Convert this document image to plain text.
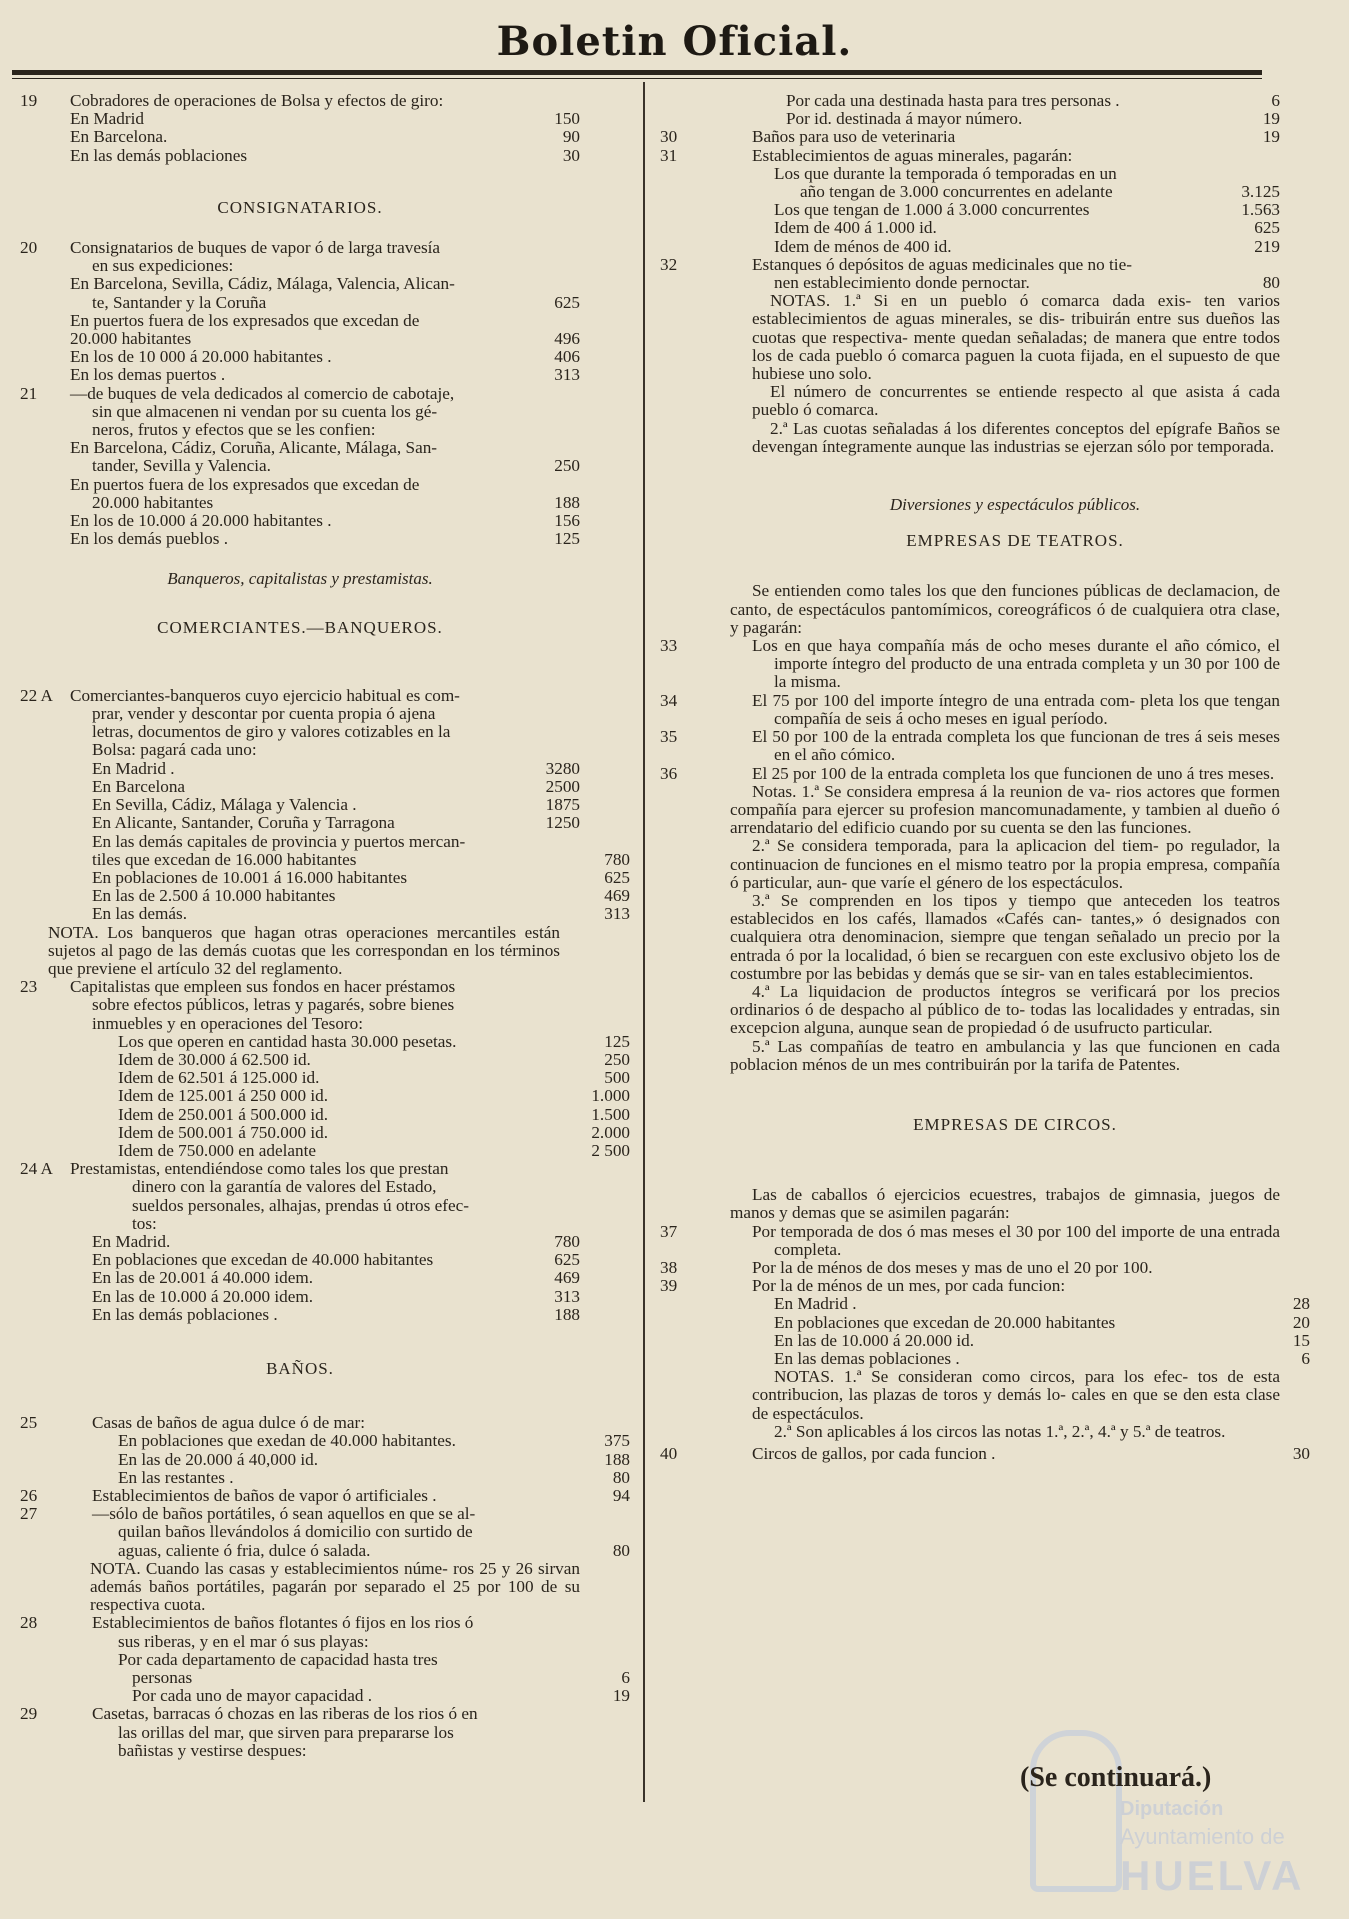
Boletin Oficial.
19	Cobradores de operaciones de Bolsa y efectos de giro:
En Madrid	150
En Barcelona.	90
En las demás poblaciones	30
CONSIGNATARIOS.
20	Consignatarios de buques de vapor ó de larga travesía
en sus expediciones:
En Barcelona, Sevilla, Cádiz, Málaga, Valencia, Alican-
te, Santander y la Coruña	625
En puertos fuera de los expresados que excedan de
20.000 habitantes	496
En los de 10 000 á 20.000 habitantes .	406
En los demas puertos .	313
21	—de buques de vela dedicados al comercio de cabotaje,
sin que almacenen ni vendan por su cuenta los gé-
neros, frutos y efectos que se les confien:
En Barcelona, Cádiz, Coruña, Alicante, Málaga, San-
tander, Sevilla y Valencia.	250
En puertos fuera de los expresados que excedan de
20.000 habitantes	188
En los de 10.000 á 20.000 habitantes .	156
En los demás pueblos .	125
Banqueros, capitalistas y prestamistas.
COMERCIANTES.—BANQUEROS.
22 A Comerciantes-banqueros cuyo ejercicio habitual es com-
prar, vender y descontar por cuenta propia ó ajena
letras, documentos de giro y valores cotizables en la
Bolsa: pagará cada uno:
En Madrid .	3280
En Barcelona	2500
En Sevilla, Cádiz, Málaga y Valencia .	1875
En Alicante, Santander, Coruña y Tarragona	1250
En las demás capitales de provincia y puertos mercan-
tiles que excedan de 16.000 habitantes	780
En poblaciones de 10.001 á 16.000 habitantes	625
En las de 2.500 á 10.000 habitantes	469
En las demás.	313
NOTA. Los banqueros que hagan otras operaciones mercantiles están sujetos al pago de las demás cuotas que les correspondan en los términos que previene el artículo 32 del reglamento.
23	Capitalistas que empleen sus fondos en hacer préstamos
sobre efectos públicos, letras y pagarés, sobre bienes
inmuebles y en operaciones del Tesoro:
Los que operen en cantidad hasta 30.000 pesetas.	125
Idem de 30.000 á 62.500 id.	250
Idem de 62.501 á 125.000 id.	500
Idem de 125.001 á 250 000 id.	1.000
Idem de 250.001 á 500.000 id.	1.500
Idem de 500.001 á 750.000 id.	2.000
Idem de 750.000 en adelante	2 500
24 A Prestamistas, entendiéndose como tales los que prestan
dinero con la garantía de valores del Estado,
sueldos personales, alhajas, prendas ú otros efec-
tos:
En Madrid.	780
En poblaciones que excedan de 40.000 habitantes	625
En las de 20.001 á 40.000 idem.	469
En las de 10.000 á 20.000 idem.	313
En las demás poblaciones .	188
BAÑOS.
25	Casas de baños de agua dulce ó de mar:
En poblaciones que exedan de 40.000 habitantes.	375
En las de 20.000 á 40,000 id.	188
En las restantes .	80
26	Establecimientos de baños de vapor ó artificiales .	94
27	—sólo de baños portátiles, ó sean aquellos en que se al-
quilan baños llevándolos á domicilio con surtido de
aguas, caliente ó fria, dulce ó salada.	80
NOTA. Cuando las casas y establecimientos núme- ros 25 y 26 sirvan además baños portátiles, pagarán por separado el 25 por 100 de su respectiva cuota.
28	Establecimientos de baños flotantes ó fijos en los rios ó
sus riberas, y en el mar ó sus playas:
Por cada departamento de capacidad hasta tres
personas	6
Por cada uno de mayor capacidad .	19
29	Casetas, barracas ó chozas en las riberas de los rios ó en
las orillas del mar, que sirven para prepararse los
bañistas y vestirse despues:
Por cada una destinada hasta para tres personas .	6
Por id. destinada á mayor número.	19
30	Baños para uso de veterinaria	19
31	Establecimientos de aguas minerales, pagarán:
Los que durante la temporada ó temporadas en un
año tengan de 3.000 concurrentes en adelante	3.125
Los que tengan de 1.000 á 3.000 concurrentes	1.563
Idem de 400 á 1.000 id.	625
Idem de ménos de 400 id.	219
32	Estanques ó depósitos de aguas medicinales que no tie-
nen establecimiento donde pernoctar.	80
NOTAS. 1.ª Si en un pueblo ó comarca dada exis- ten varios establecimientos de aguas minerales, se dis- tribuirán entre sus dueños las cuotas que respectiva- mente quedan señaladas; de manera que entre todos los de cada pueblo ó comarca paguen la cuota fijada, en el supuesto de que hubiese uno solo.
El número de concurrentes se entiende respecto al que asista á cada pueblo ó comarca.
2.ª Las cuotas señaladas á los diferentes conceptos del epígrafe Baños se devengan íntegramente aunque las industrias se ejerzan sólo por temporada.
Diversiones y espectáculos públicos.
EMPRESAS DE TEATROS.
Se entienden como tales los que den funciones públicas de declamacion, de canto, de espectáculos pantomímicos, coreográficos ó de cualquiera otra clase, y pagarán:
33	Los en que haya compañía más de ocho meses durante el año cómico, el importe íntegro del producto de una entrada completa y un 30 por 100 de la misma.
34	El 75 por 100 del importe íntegro de una entrada com- pleta los que tengan compañía de seis á ocho meses en igual período.
35	El 50 por 100 de la entrada completa los que funcionan de tres á seis meses en el año cómico.
36	El 25 por 100 de la entrada completa los que funcionen de uno á tres meses.
Notas. 1.ª Se considera empresa á la reunion de va- rios actores que formen compañía para ejercer su profesion mancomunadamente, y tambien al dueño ó arrendatario del edificio cuando por su cuenta se den las funciones.
2.ª Se considera temporada, para la aplicacion del tiem- po regulador, la continuacion de funciones en el mismo teatro por la propia empresa, compañía ó particular, aun- que varíe el género de los espectáculos.
3.ª Se comprenden en los tipos y tiempo que anteceden los teatros establecidos en los cafés, llamados «Cafés can- tantes,» ó designados con cualquiera otra denominacion, siempre que tengan señalado un precio por la entrada ó por la localidad, ó bien se recarguen con este exclusivo objeto los de costumbre por las bebidas y demás que se sir- van en tales establecimientos.
4.ª La liquidacion de productos íntegros se verificará por los precios ordinarios ó de despacho al público de to- todas las localidades y entradas, sin excepcion alguna, aunque sean de propiedad ó de usufructo particular.
5.ª Las compañías de teatro en ambulancia y las que funcionen en cada poblacion ménos de un mes contribuirán por la tarifa de Patentes.
EMPRESAS DE CIRCOS.
Las de caballos ó ejercicios ecuestres, trabajos de gimnasia, juegos de manos y demas que se asimilen pagarán:
37	Por temporada de dos ó mas meses el 30 por 100 del importe de una entrada completa.
38	Por la de ménos de dos meses y mas de uno el 20 por 100.
39	Por la de ménos de un mes, por cada funcion:
En Madrid .	28
En poblaciones que excedan de 20.000 habitantes	20
En las de 10.000 á 20.000 id.	15
En las demas poblaciones .	6
NOTAS. 1.ª Se consideran como circos, para los efec- tos de esta contribucion, las plazas de toros y demás lo- cales en que se den esta clase de espectáculos.
2.ª Son aplicables á los circos las notas 1.ª, 2.ª, 4.ª y 5.ª de teatros.
40	Circos de gallos, por cada funcion .	30
Diputación
Ayuntamiento de
HUELVA
(Se continuará.)
